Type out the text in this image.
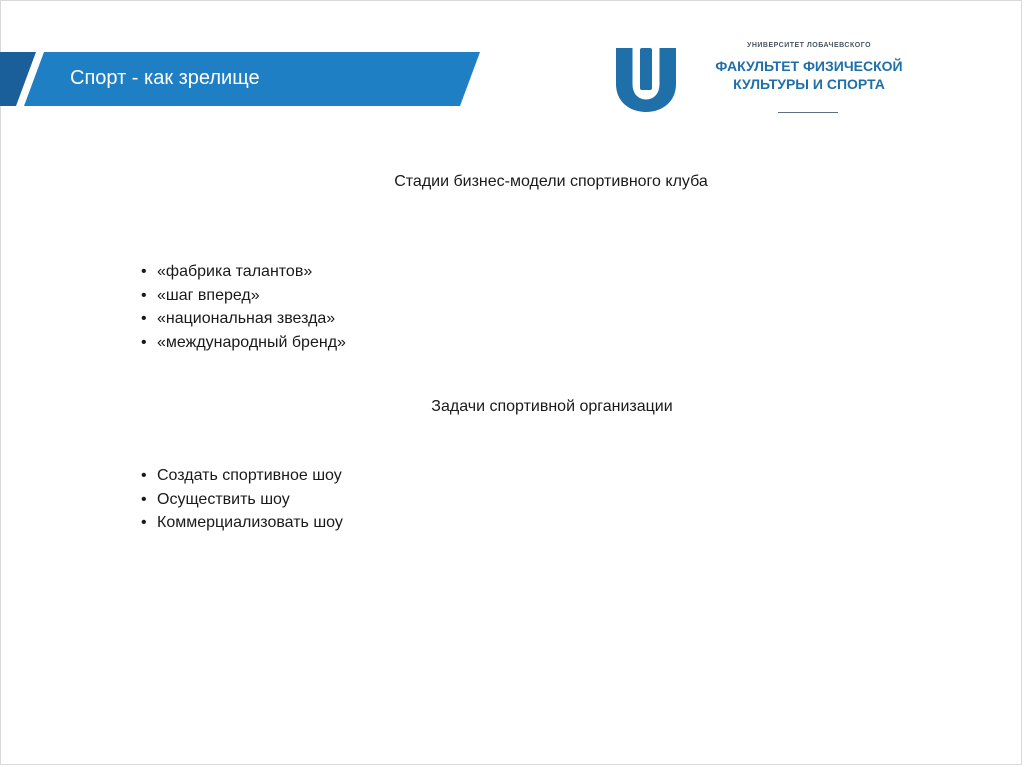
Спорт - как зрелище
УНИВЕРСИТЕТ ЛОБАЧЕВСКОГО
ФАКУЛЬТЕТ ФИЗИЧЕСКОЙ
КУЛЬТУРЫ И СПОРТА
Стадии бизнес-модели спортивного клуба
• «фабрика талантов»
• «шаг вперед»
• «национальная звезда»
• «международный бренд»
Задачи спортивной организации
• Создать спортивное шоу
• Осуществить шоу
• Коммерциализовать шоу
